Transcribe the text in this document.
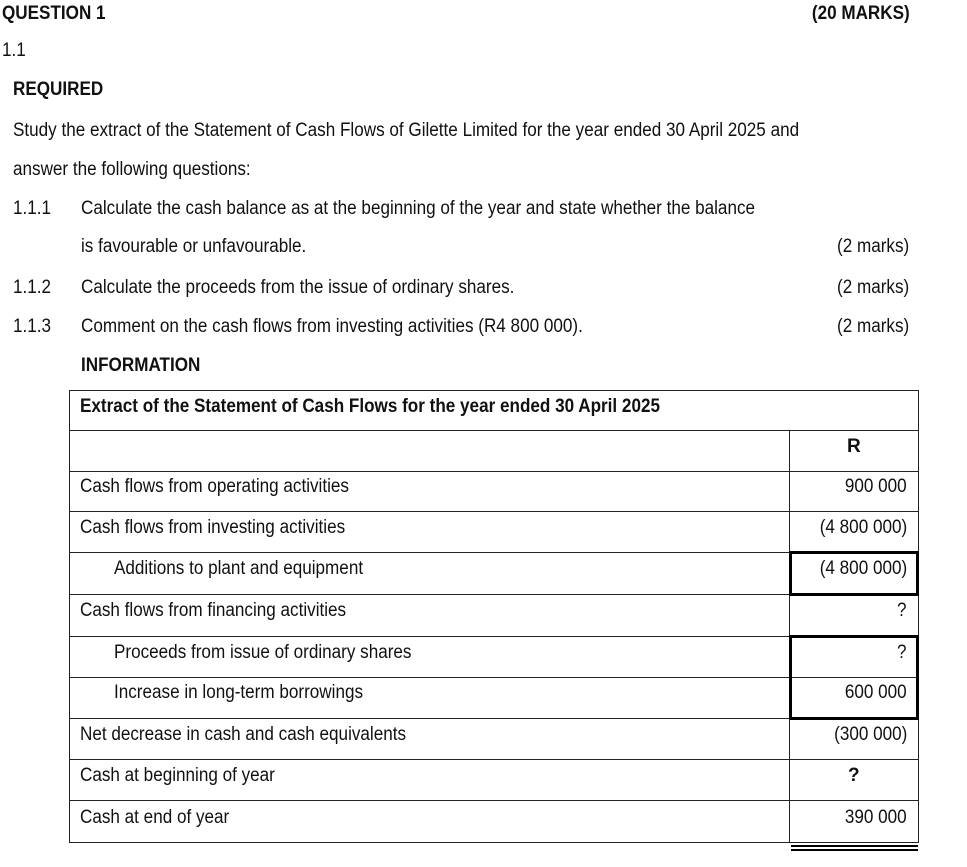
QUESTION 1	(20 MARKS)
1.1
REQUIRED
Study the extract of the Statement of Cash Flows of Gilette Limited for the year ended 30 April 2025 and
answer the following questions:
1.1.1 Calculate the cash balance as at the beginning of the year and state whether the balance
is favourable or unfavourable.	(2 marks)
1.1.2 Calculate the proceeds from the issue of ordinary shares.	(2 marks)
1.1.3 Comment on the cash flows from investing activities (R4 800 000).	(2 marks)
INFORMATION
Extract of the Statement of Cash Flows for the year ended 30 April 2025
R
Cash flows from operating activities	900 000
Cash flows from investing activities	(4 800 000)
Additions to plant and equipment	(4 800 000)
Cash flows from financing activities	?
Proceeds from issue of ordinary shares	?
Increase in long-term borrowings	600 000
Net decrease in cash and cash equivalents	(300 000)
Cash at beginning of year	?
Cash at end of year	390 000
